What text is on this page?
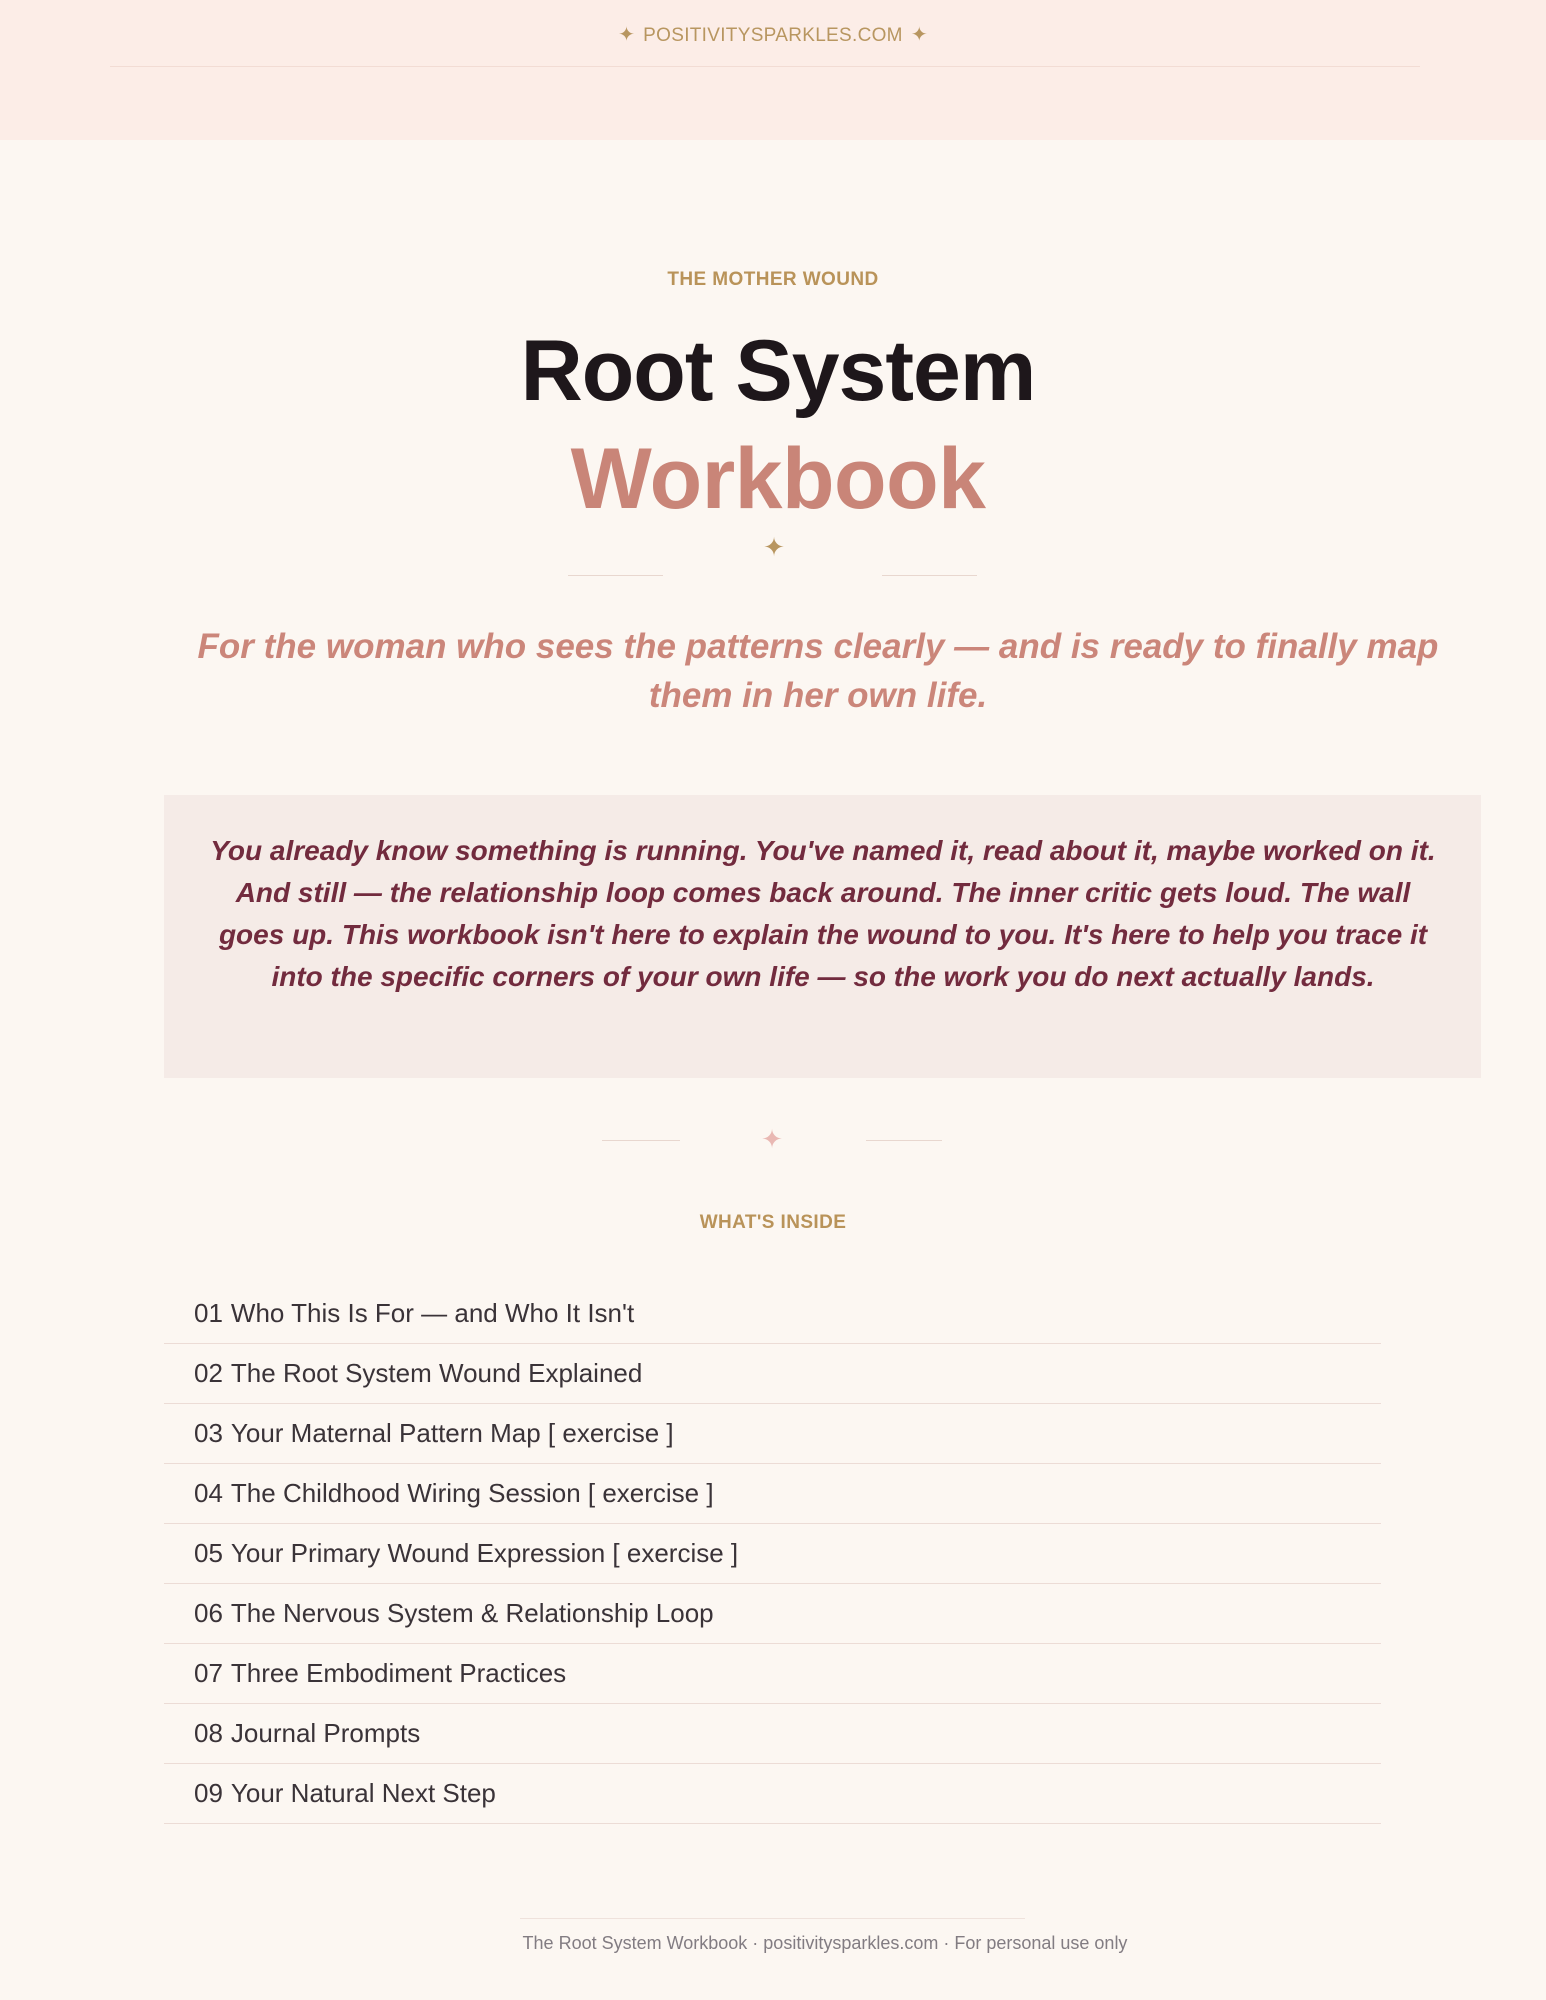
✦ POSITIVITYSPARKLES.COM ✦
THE MOTHER WOUND
Root System
Workbook
✦
For the woman who sees the patterns clearly — and is ready to finally map them in her own life.
You already know something is running. You've named it, read about it, maybe worked on it. And still — the relationship loop comes back around. The inner critic gets loud. The wall goes up. This workbook isn't here to explain the wound to you. It's here to help you trace it into the specific corners of your own life — so the work you do next actually lands.
✦
WHAT'S INSIDE
01 Who This Is For — and Who It Isn't
02 The Root System Wound Explained
03 Your Maternal Pattern Map [ exercise ]
04 The Childhood Wiring Session [ exercise ]
05 Your Primary Wound Expression [ exercise ]
06 The Nervous System & Relationship Loop
07 Three Embodiment Practices
08 Journal Prompts
09 Your Natural Next Step
The Root System Workbook · positivitysparkles.com · For personal use only
